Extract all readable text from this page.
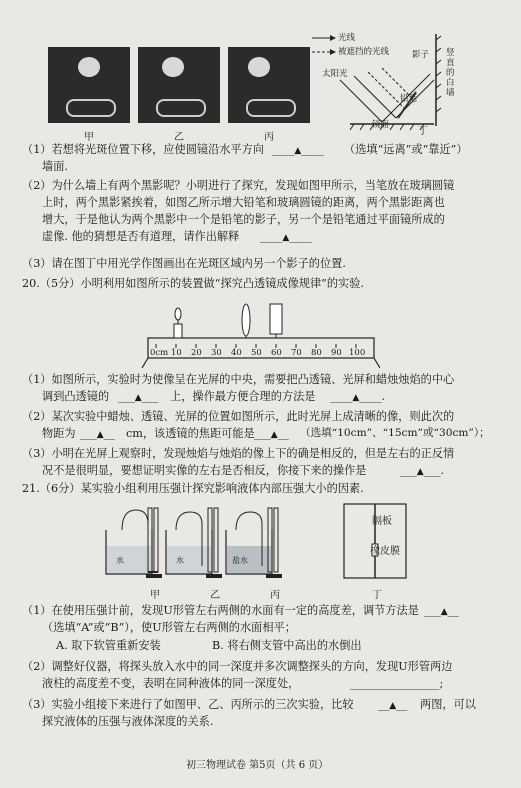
甲	乙	丙
光线
被遮挡的光线
太阳光
影子 竖直的白墙
铅笔
镜面
丁
（1）若想将光斑位置下移，应使圆镜沿水平方向 ____▲____ （选填“远离”或“靠近”）
墙面.
（2）为什么墙上有两个黑影呢？小明进行了探究，发现如图甲所示，当笔放在玻璃圆镜
上时，两个黑影紧挨着，如图乙所示增大铅笔和玻璃圆镜的距离，两个黑影距离也
增大，于是他认为两个黑影中一个是铅笔的影子，另一个是铅笔通过平面镜所成的
虚像. 他的猜想是否有道理，请作出解释 ____▲____
（3）请在图丁中用光学作图画出在光斑区域内另一个影子的位置.
20.（5分）小明利用如图所示的装置做“探究凸透镜成像规律”的实验.
0cm 10 20 30 40 50 60 70 80 90 100
（1）如图所示，实验时为使像呈在光屏的中央，需要把凸透镜、光屏和蜡烛烛焰的中心
调到凸透镜的 ___▲___ 上，操作最方便合理的方法是 ____▲____.
（2）某次实验中蜡烛、透镜、光屏的位置如图所示，此时光屏上成清晰的像，则此次的
物距为 ___▲__ cm，该透镜的焦距可能是 ___▲__ （选填“10cm”、“15cm”或“30cm”）；
（3）小明在光屏上观察时，发现烛焰与烛焰的像上下的确是相反的，但是左右的正反情
况不是很明显，要想证明实像的左右是否相反，你接下来的操作是	___▲___.
21.（6分）某实验小组利用压强计探究影响液体内部压强大小的因素.
水	水	盐水
隔板
橡皮膜
甲	乙	丙	丁
（1）在使用压强计前，发现U形管左右两侧的水面有一定的高度差，调节方法是 ___▲__
（选填“A”或“B”），使U形管左右两侧的水面相平；
A. 取下软管重新安装	B. 将右侧支管中高出的水倒出
（2）调整好仪器，将探头放入水中的同一深度并多次调整探头的方向，发现U形管两边
液柱的高度差不变，表明在同种液体的同一深度处，	________________;
（3）实验小组接下来进行了如图甲、乙、丙所示的三次实验，比较 __▲__ 两图，可以
探究液体的压强与液体深度的关系.
初三物理试卷 第5页（共 6 页）
